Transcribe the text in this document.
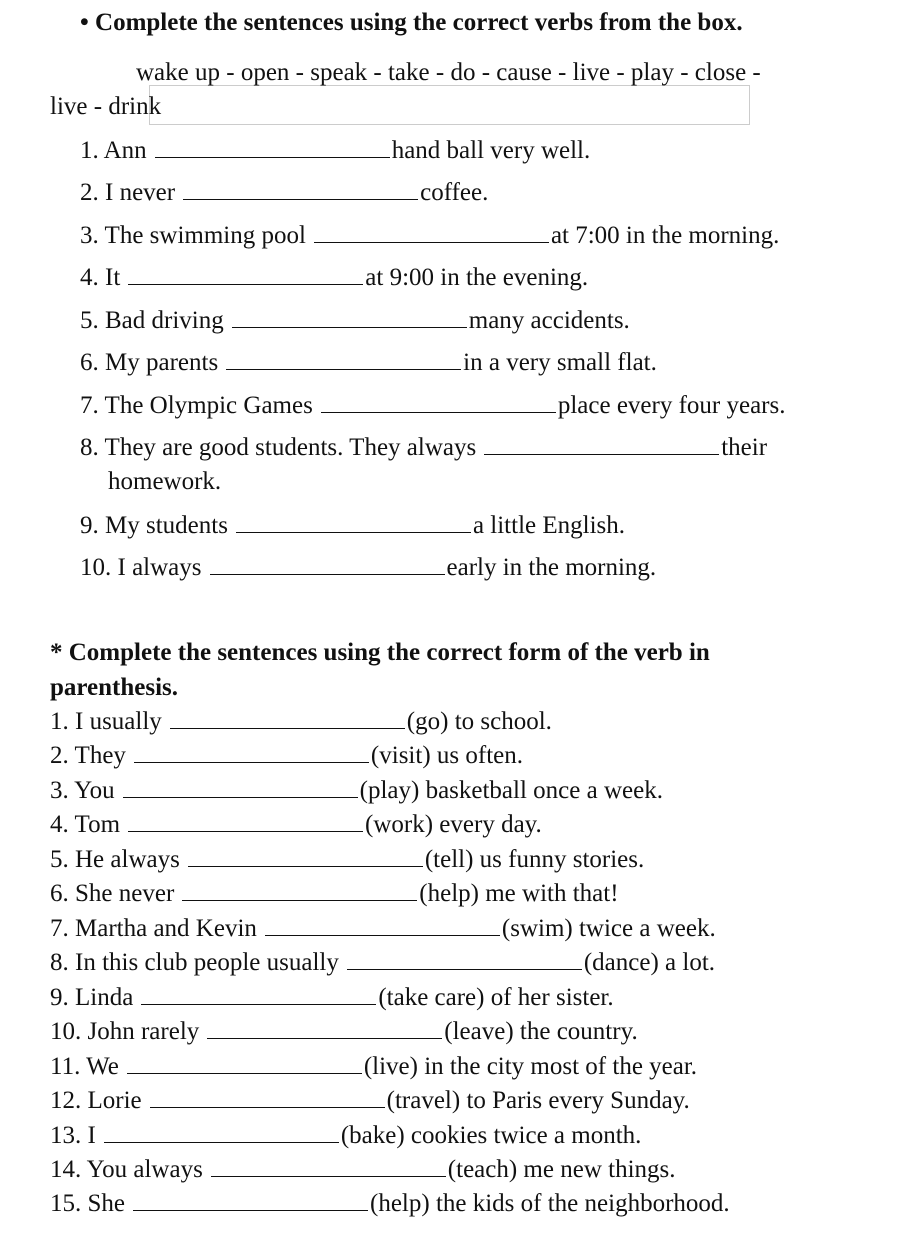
• Complete the sentences using the correct verbs from the box.
wake up - open - speak - take - do - cause - live - play - close -
live - drink
1. Ann	hand ball very well.
2. I never	coffee.
3. The swimming pool	at 7:00 in the morning.
4. It	at 9:00 in the evening.
5. Bad driving	many accidents.
6. My parents	in a very small flat.
7. The Olympic Games	place every four years.
8. They are good students. They always	their
homework.
9. My students	a little English.
10. I always	early in the morning.
* Complete the sentences using the correct form of the verb in
parenthesis.
1. I usually	(go) to school.
2. They	(visit) us often.
3. You	(play) basketball once a week.
4. Tom	(work) every day.
5. He always	(tell) us funny stories.
6. She never	(help) me with that!
7. Martha and Kevin	(swim) twice a week.
8. In this club people usually	(dance) a lot.
9. Linda	(take care) of her sister.
10. John rarely	(leave) the country.
11. We	(live) in the city most of the year.
12. Lorie	(travel) to Paris every Sunday.
13. I	(bake) cookies twice a month.
14. You always	(teach) me new things.
15. She	(help) the kids of the neighborhood.
